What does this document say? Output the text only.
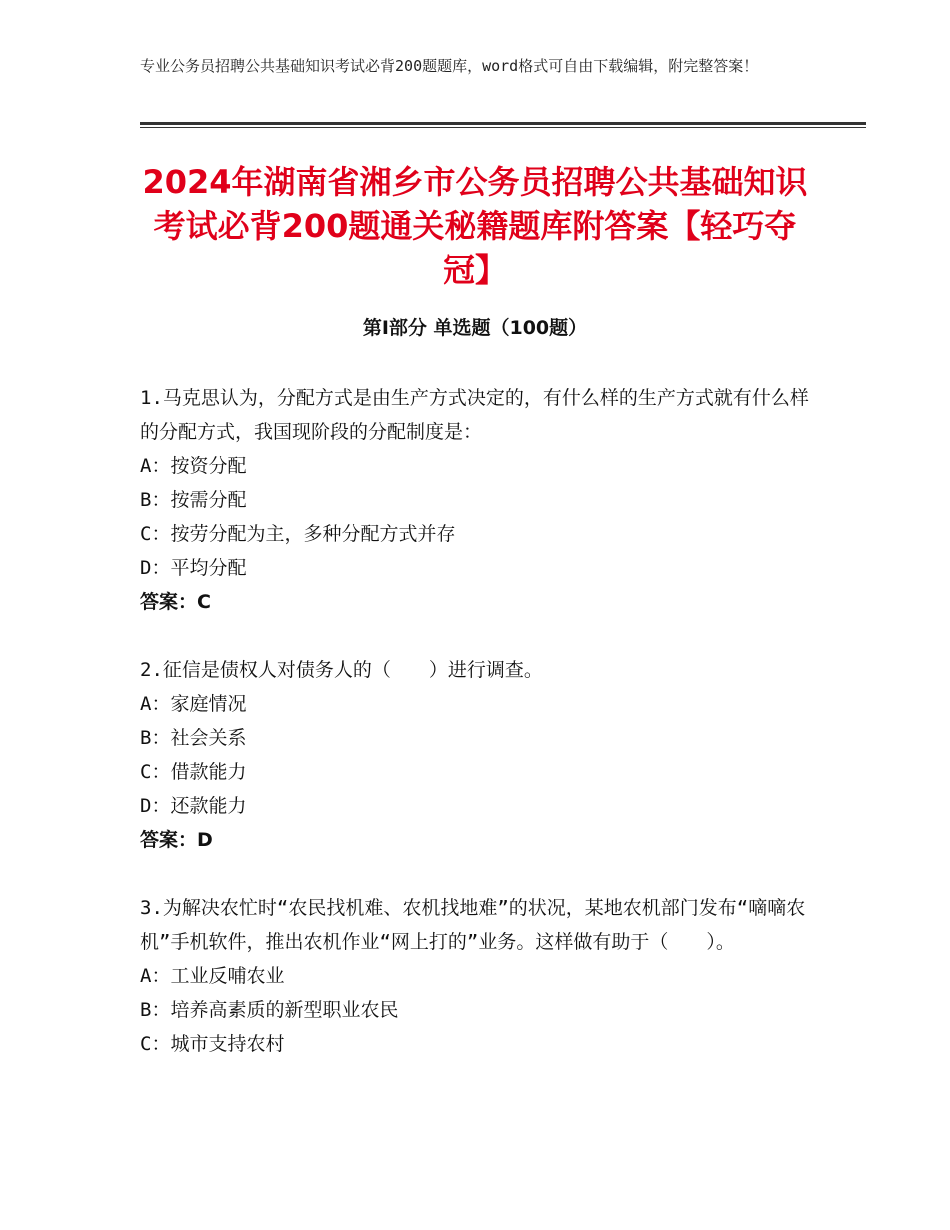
专业公务员招聘公共基础知识考试必背200题题库，word格式可自由下载编辑，附完整答案！
2024年湖南省湘乡市公务员招聘公共基础知识考试必背200题通关秘籍题库附答案【轻巧夺冠】
第Ⅰ部分 单选题（100题）
1.马克思认为，分配方式是由生产方式决定的，有什么样的生产方式就有什么样的分配方式，我国现阶段的分配制度是：
A：按资分配
B：按需分配
C：按劳分配为主，多种分配方式并存
D：平均分配
答案：C
2.征信是债权人对债务人的（　　）进行调查。
A：家庭情况
B：社会关系
C：借款能力
D：还款能力
答案：D
3.为解决农忙时“农民找机难、农机找地难”的状况，某地农机部门发布“嘀嘀农机”手机软件，推出农机作业“网上打的”业务。这样做有助于（　　）。
A：工业反哺农业
B：培养高素质的新型职业农民
C：城市支持农村
